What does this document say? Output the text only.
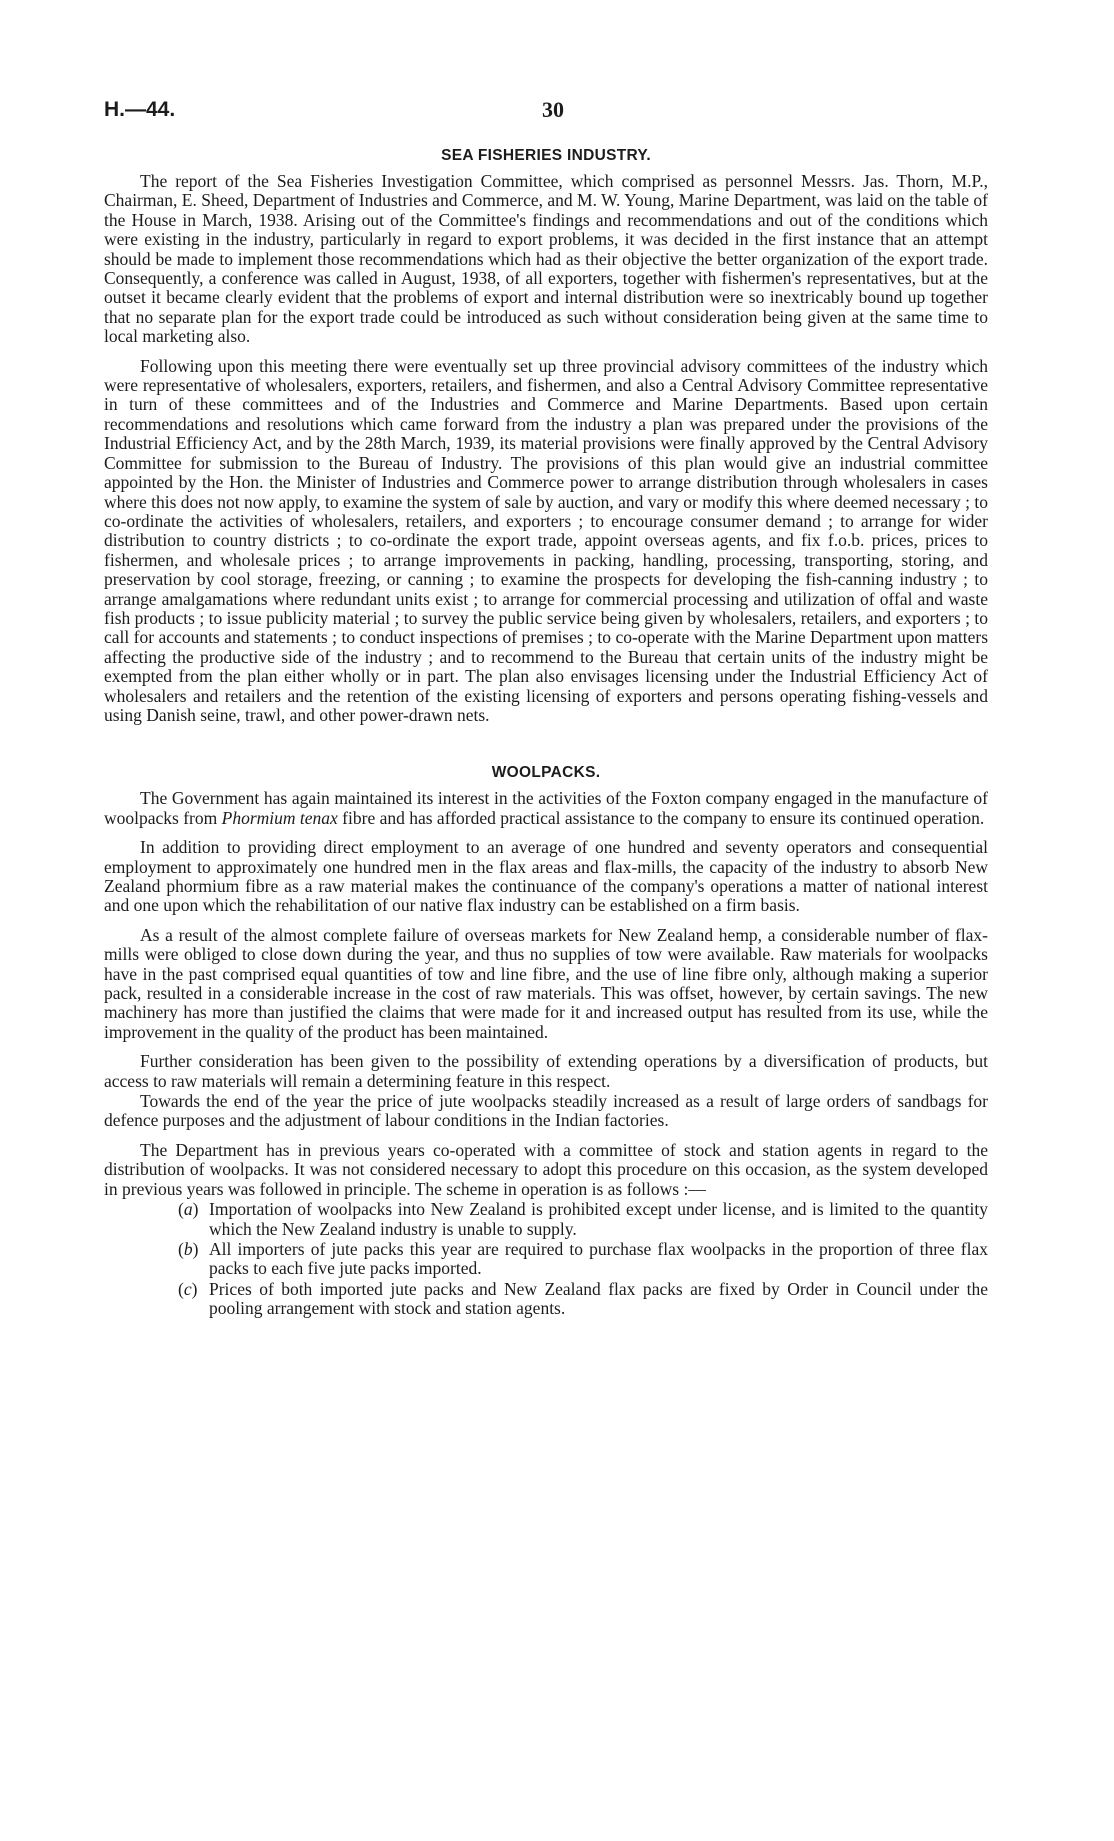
H.—44.	30
SEA FISHERIES INDUSTRY.

The report of the Sea Fisheries Investigation Committee, which comprised as personnel Messrs. Jas. Thorn, M.P., Chairman, E. Sheed, Department of Industries and Commerce, and M. W. Young, Marine Department, was laid on the table of the House in March, 1938. Arising out of the Committee's findings and recommendations and out of the conditions which were existing in the industry, particularly in regard to export problems, it was decided in the first instance that an attempt should be made to implement those recommendations which had as their objective the better organization of the export trade. Consequently, a conference was called in August, 1938, of all exporters, together with fishermen's representatives, but at the outset it became clearly evident that the problems of export and internal distribution were so inextricably bound up together that no separate plan for the export trade could be introduced as such without consideration being given at the same time to local marketing also.

Following upon this meeting there were eventually set up three provincial advisory committees of the industry which were representative of wholesalers, exporters, retailers, and fishermen, and also a Central Advisory Committee representative in turn of these committees and of the Industries and Commerce and Marine Departments. Based upon certain recommendations and resolutions which came forward from the industry a plan was prepared under the provisions of the Industrial Efficiency Act, and by the 28th March, 1939, its material provisions were finally approved by the Central Advisory Committee for submission to the Bureau of Industry. The provisions of this plan would give an industrial committee appointed by the Hon. the Minister of Industries and Commerce power to arrange distribution through wholesalers in cases where this does not now apply, to examine the system of sale by auction, and vary or modify this where deemed necessary ; to co-ordinate the activities of wholesalers, retailers, and exporters ; to encourage consumer demand ; to arrange for wider distribution to country districts ; to co-ordinate the export trade, appoint overseas agents, and fix f.o.b. prices, prices to fishermen, and wholesale prices ; to arrange improvements in packing, handling, processing, transporting, storing, and preservation by cool storage, freezing, or canning ; to examine the prospects for developing the fish-canning industry ; to arrange amalgamations where redundant units exist ; to arrange for commercial processing and utilization of offal and waste fish products ; to issue publicity material ; to survey the public service being given by wholesalers, retailers, and exporters ; to call for accounts and statements ; to conduct inspections of premises ; to co-operate with the Marine Department upon matters affecting the productive side of the industry ; and to recommend to the Bureau that certain units of the industry might be exempted from the plan either wholly or in part. The plan also envisages licensing under the Industrial Efficiency Act of wholesalers and retailers and the retention of the existing licensing of exporters and persons operating fishing-vessels and using Danish seine, trawl, and other power-drawn nets.

WOOLPACKS.

The Government has again maintained its interest in the activities of the Foxton company engaged in the manufacture of woolpacks from Phormium tenax fibre and has afforded practical assistance to the company to ensure its continued operation.

In addition to providing direct employment to an average of one hundred and seventy operators and consequential employment to approximately one hundred men in the flax areas and flax-mills, the capacity of the industry to absorb New Zealand phormium fibre as a raw material makes the continuance of the company's operations a matter of national interest and one upon which the rehabilitation of our native flax industry can be established on a firm basis.

As a result of the almost complete failure of overseas markets for New Zealand hemp, a considerable number of flax-mills were obliged to close down during the year, and thus no supplies of tow were available. Raw materials for woolpacks have in the past comprised equal quantities of tow and line fibre, and the use of line fibre only, although making a superior pack, resulted in a considerable increase in the cost of raw materials. This was offset, however, by certain savings. The new machinery has more than justified the claims that were made for it and increased output has resulted from its use, while the improvement in the quality of the product has been maintained.

Further consideration has been given to the possibility of extending operations by a diversification of products, but access to raw materials will remain a determining feature in this respect.

Towards the end of the year the price of jute woolpacks steadily increased as a result of large orders of sandbags for defence purposes and the adjustment of labour conditions in the Indian factories.

The Department has in previous years co-operated with a committee of stock and station agents in regard to the distribution of woolpacks. It was not considered necessary to adopt this procedure on this occasion, as the system developed in previous years was followed in principle. The scheme in operation is as follows :—

(a) Importation of woolpacks into New Zealand is prohibited except under license, and is limited to the quantity which the New Zealand industry is unable to supply.
(b) All importers of jute packs this year are required to purchase flax woolpacks in the proportion of three flax packs to each five jute packs imported.
(c) Prices of both imported jute packs and New Zealand flax packs are fixed by Order in Council under the pooling arrangement with stock and station agents.
